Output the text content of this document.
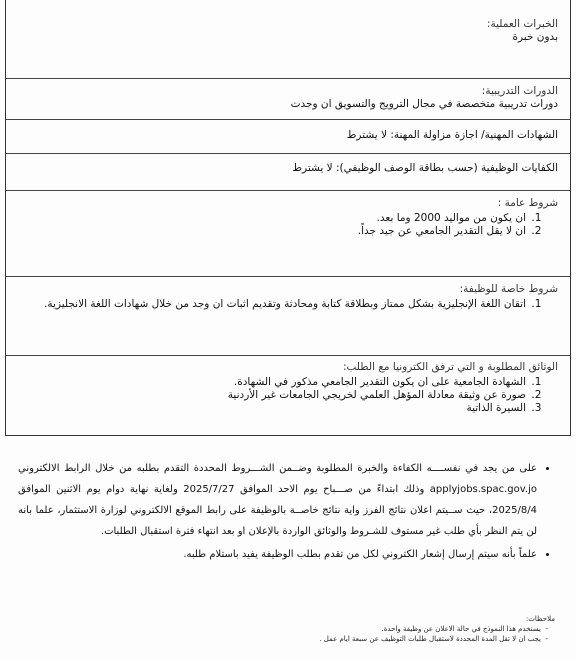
الخبرات العملية:
بدون خبرة
الدورات التدريبية:
دورات تدريبية متخصصة في مجال الترويج والتسويق ان وجدت
الشهادات المهنية/ اجازة مزاولة المهنة: لا يشترط
الكفايات الوظيفية (حسب بطاقة الوصف الوظيفي): لا يشترط
شروط عامة :
1. ان يكون من مواليد 2000 وما بعد.
2. ان لا يقل التقدير الجامعي عن جيد جداً.
شروط خاصة للوظيفة:
1. اتقان اللغة الإنجليزية بشكل ممتاز وبطلاقة كتابة ومحادثة وتقديم اثبات ان وجد من خلال شهادات اللغة الانجليزية.
الوثائق المطلوبة و التي ترفق الكترونيا مع الطلب:
1. الشهادة الجامعية على ان يكون التقدير الجامعي مذكور في الشهادة.
2. صورة عن وثيقة معادلة المؤهل العلمي لخريجي الجامعات غير الأردنية
3. السيرة الذاتية
• على من يجد في نفســــه الكفاءة والخبرة المطلوبة وضــمن الشـــروط المحددة التقدم بطلبه من خلال الرابط الالكتروني applyjobs.spac.gov.jo وذلك ابتداءً من صـــباح يوم الاحد الموافق 2025/7/27 ولغاية نهاية دوام يوم الاثنين الموافق 2025/8/4، حيث ســيتم اعلان نتائج الفرز واية نتائج خاصــة بالوظيفة على رابط الموقع الالكتروني لوزارة الاستثمار، علما بانه لن يتم النظر بأي طلب غير مستوف للشـروط والوثائق الواردة بالإعلان او بعد انتهاء فترة استقبال الطلبات.
• علماً بأنه سيتم إرسال إشعار الكتروني لكل من تقدم بطلب الوظيفة يفيد باستلام طلبه.
ملاحظات:
- يستخدم هذا النموذج في حالة الاعلان عن وظيفة واحدة.
- يجب ان لا تقل المدة المحددة لاستقبال طلبات التوظيف عن سبعة ايام عمل .
